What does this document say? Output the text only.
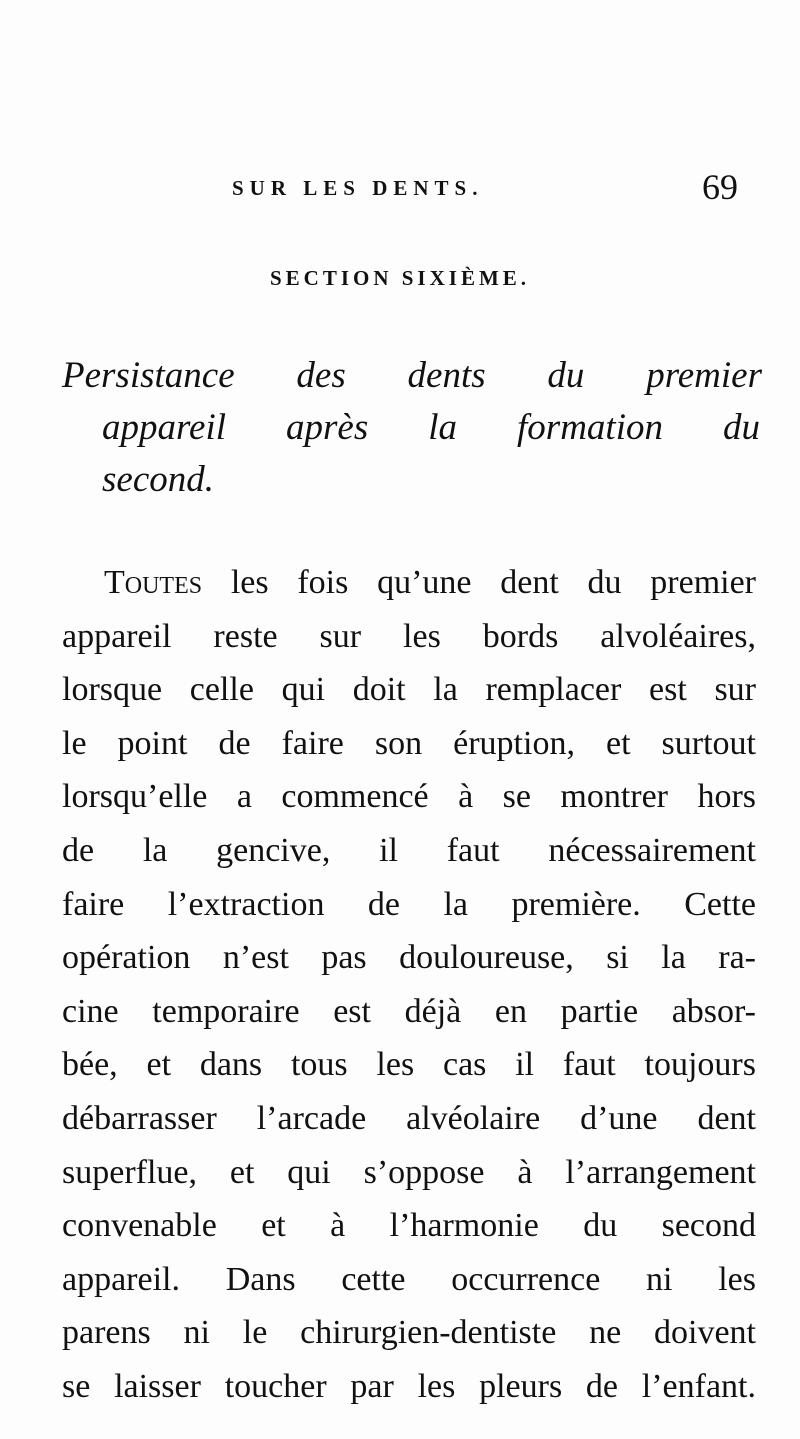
SUR LES DENTS.	69
SECTION SIXIÈME.
Persistance des dents du premier
appareil après la formation du
second.
Toutes les fois qu’une dent du premier
appareil reste sur les bords alvoléaires,
lorsque celle qui doit la remplacer est sur
le point de faire son éruption, et surtout
lorsqu’elle a commencé à se montrer hors
de la gencive, il faut nécessairement
faire l’extraction de la première. Cette
opération n’est pas douloureuse, si la ra-
cine temporaire est déjà en partie absor-
bée, et dans tous les cas il faut toujours
débarrasser l’arcade alvéolaire d’une dent
superflue, et qui s’oppose à l’arrangement
convenable et à l’harmonie du second
appareil. Dans cette occurrence ni les
parens ni le chirurgien-dentiste ne doivent
se laisser toucher par les pleurs de l’enfant.
